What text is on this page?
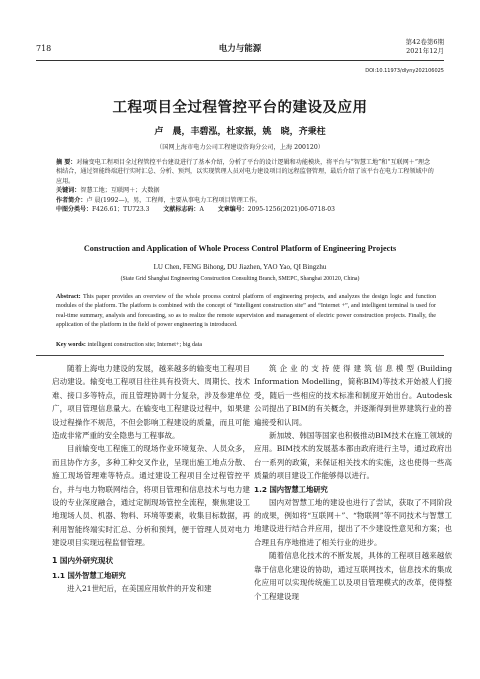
718	电力与能源
第42卷第6期
2021年12月
DOI:10.11973/dlyny202106025
工程项目全过程管控平台的建设及应用
卢 晨，丰碧泓，杜家振，姚 晓，齐秉柱
（国网上海市电力公司工程建设咨询分公司，上海 200120）
摘 要：对输变电工程项目全过程管控平台建设进行了基本介绍，分析了平台的设计逻辑和功能模块，将平台与“智慧工地”和“互联网＋”理念相结合，通过智能终端进行实时汇总、分析、预判，以实现管理人员对电力建设项目的远程监督管理，最后介绍了该平台在电力工程领域中的应用。
关键词：智慧工地；互联网＋；大数据
作者简介：卢 晨(1992—)，男，工程师，主要从事电力工程项目管理工作。
中图分类号：F426.61；TU723.3 文献标志码：A 文章编号：2095-1256(2021)06-0718-03
Construction and Application of Whole Process Control Platform of Engineering Projects
LU Chen, FENG Bihong, DU Jiazhen, YAO Yao, QI Bingzhu
(State Grid Shanghai Engineering Construction Consulting Branch, SMEPC, Shanghai 200120, China)
Abstract: This paper provides an overview of the whole process control platform of engineering projects, and analyzes the design logic and function modules of the platform. The platform is combined with the concept of “intelligent construction site” and “Internet +”, and intelligent terminal is used for real-time summary, analysis and forecasting, so as to realize the remote supervision and management of electric power construction projects. Finally, the application of the platform in the field of power engineering is introduced.
Key words: intelligent construction site; Internet+; big data

随着上海电力建设的发展，越来越多的输变电工程项目启动建设。输变电工程项目往往具有投资大、周期长、技术难、接口多等特点，而且管理协调十分复杂，涉及参建单位广，项目管理信息量大。在输变电工程建设过程中，如果建设过程操作不规范，不但会影响工程建设的质量，而且可能造成非常严重的安全隐患与工程事故。

目前输变电工程施工的现场作业环境复杂、人员众多，而且协作方多，多种工种交叉作业，呈现出施工地点分散、施工现场管理难等特点。通过建设工程项目全过程管控平台，并与电力物联网结合，将项目管理和信息技术与电力建设的专业深度融合，通过定制现场管控全流程，聚焦建设工地现场人员、机器、物料、环境等要素，收集目标数据，再利用智能终端实时汇总、分析和预判，便于管理人员对电力建设项目实现远程监督管理。

1 国内外研究现状
1.1 国外智慧工地研究

进入21世纪后，在美国应用软件的开发和建

筑企业的支持使得建筑信息模型(Building Information Modelling，简称BIM)等技术开始被人们接受，随后一些相应的技术标准和制度开始出台。Autodesk公司提出了BIM的有关概念，并逐渐得到世界建筑行业的普遍接受和认同。

新加坡、韩国等国家也积极推动BIM技术在施工领域的应用。BIM技术的发展基本都由政府进行主导，通过政府出台一系列的政策，来保证相关技术的实施，这也使得一些高质量的项目建设工作能够得以进行。

1.2 国内智慧工地研究

国内对智慧工地的建设也进行了尝试，获取了不同阶段的成果，例如将“互联网＋”、“物联网”等不同技术与智慧工地建设进行结合并应用，提出了不少建设性意见和方案；也合理且有序地推进了相关行业的进步。

随着信息化技术的不断发展，具体的工程项目越来越依靠于信息化建设的协助，通过互联网技术，信息技术的集成化应用可以实现传统施工以及项目管理模式的改革，使得整个工程建设现
